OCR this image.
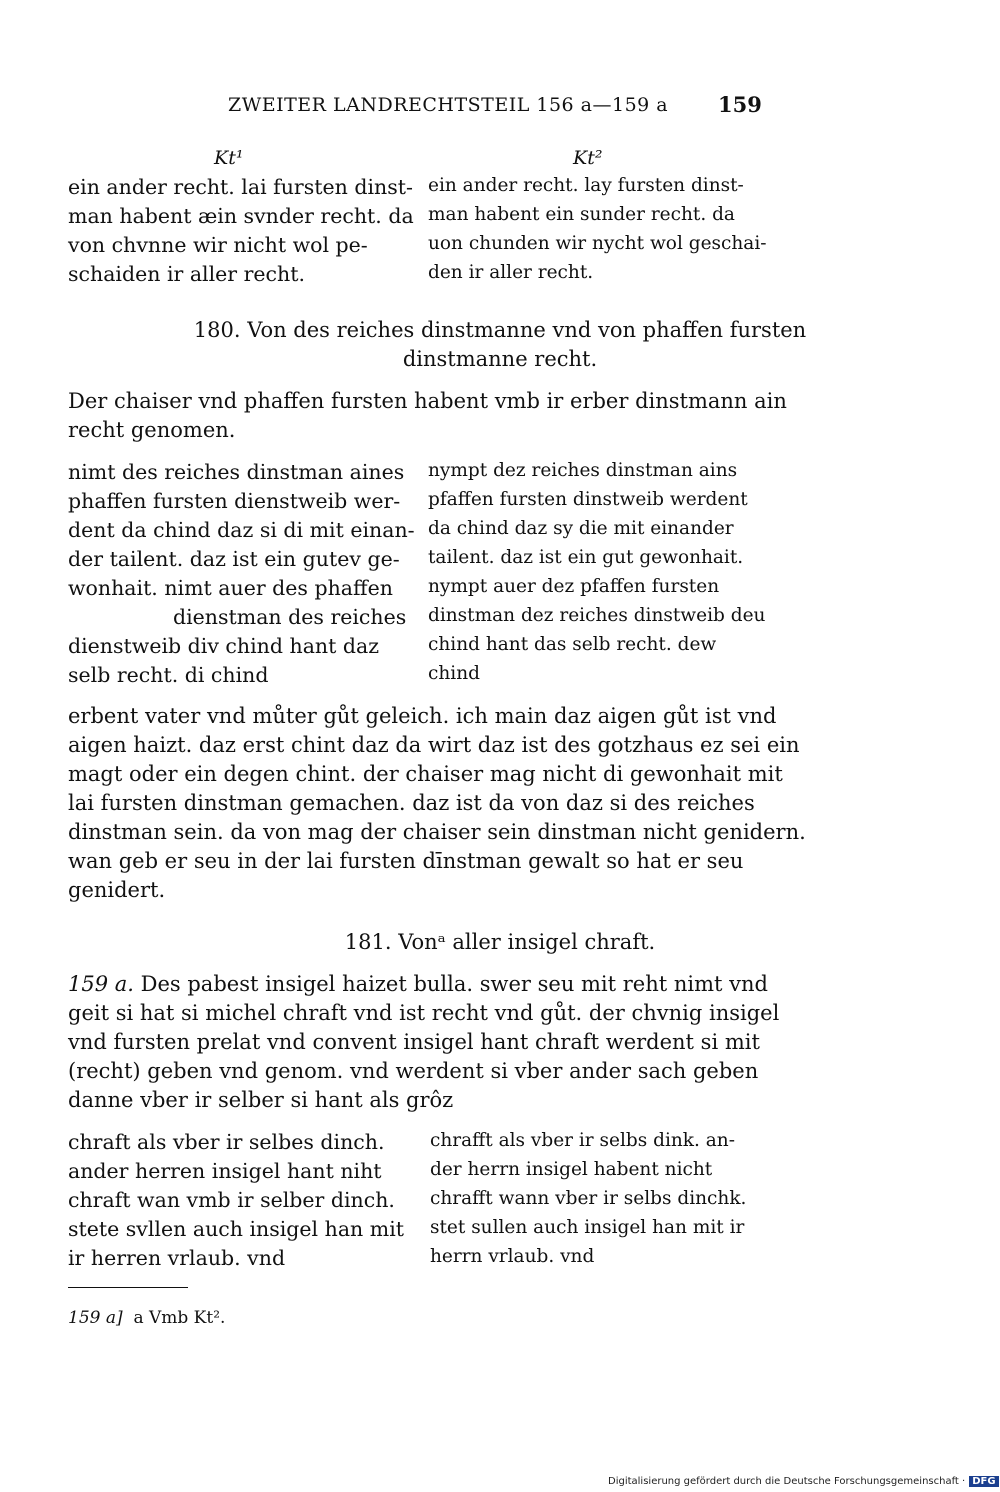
ZWEITER LANDRECHTSTEIL 156 a—159 a 159
Kt¹	Kt²

ein ander recht. lai fursten dinst-

man habent æin svnder recht. da

von chvnne wir nicht wol pe-

schaiden ir aller recht.

ein ander recht. lay fursten dinst-

man habent ein sunder recht. da

uon chunden wir nycht wol geschai-

den ir aller recht.

180. Von des reiches dinstmanne vnd von phaffen fursten

dinstmanne recht.

Der chaiser vnd phaffen fursten habent vmb ir erber dinstmann ain

recht genomen.

nimt des reiches dinstman aines

phaffen fursten dienstweib wer-

dent da chind daz si di mit einan-

der tailent. daz ist ein gutev ge-

wonhait. nimt auer des phaffen

dienstman des reiches

dienstweib div chind hant daz

selb recht. di chind

nympt dez reiches dinstman ains

pfaffen fursten dinstweib werdent

da chind daz sy die mit einander

tailent. daz ist ein gut gewonhait.

nympt auer dez pfaffen fursten

dinstman dez reiches dinstweib deu

chind hant das selb recht. dew

chind

erbent vater vnd můter gůt geleich. ich main daz aigen gůt ist vnd

aigen haizt. daz erst chint daz da wirt daz ist des gotzhaus ez sei ein

magt oder ein degen chint. der chaiser mag nicht di gewonhait mit

lai fursten dinstman gemachen. daz ist da von daz si des reiches

dinstman sein. da von mag der chaiser sein dinstman nicht genidern.

wan geb er seu in der lai fursten dīnstman gewalt so hat er seu

genidert.

181. Vonᵃ aller insigel chraft.

159 a. Des pabest insigel haizet bulla. swer seu mit reht nimt vnd

geit si hat si michel chraft vnd ist recht vnd gůt. der chvnig insigel

vnd fursten prelat vnd convent insigel hant chraft werdent si mit

(recht) geben vnd genom. vnd werdent si vber ander sach geben

danne vber ir selber si hant als grôz

chraft als vber ir selbes dinch.

ander herren insigel hant niht

chraft wan vmb ir selber dinch.

stete svllen auch insigel han mit

ir herren vrlaub. vnd

chrafft als vber ir selbs dink. an-

der herrn insigel habent nicht

chrafft wann vber ir selbs dinchk.

stet sullen auch insigel han mit ir

herrn vrlaub. vnd

159 a] a Vmb Kt².
Digitalisierung gefördert durch die Deutsche Forschungsgemeinschaft · DFG
